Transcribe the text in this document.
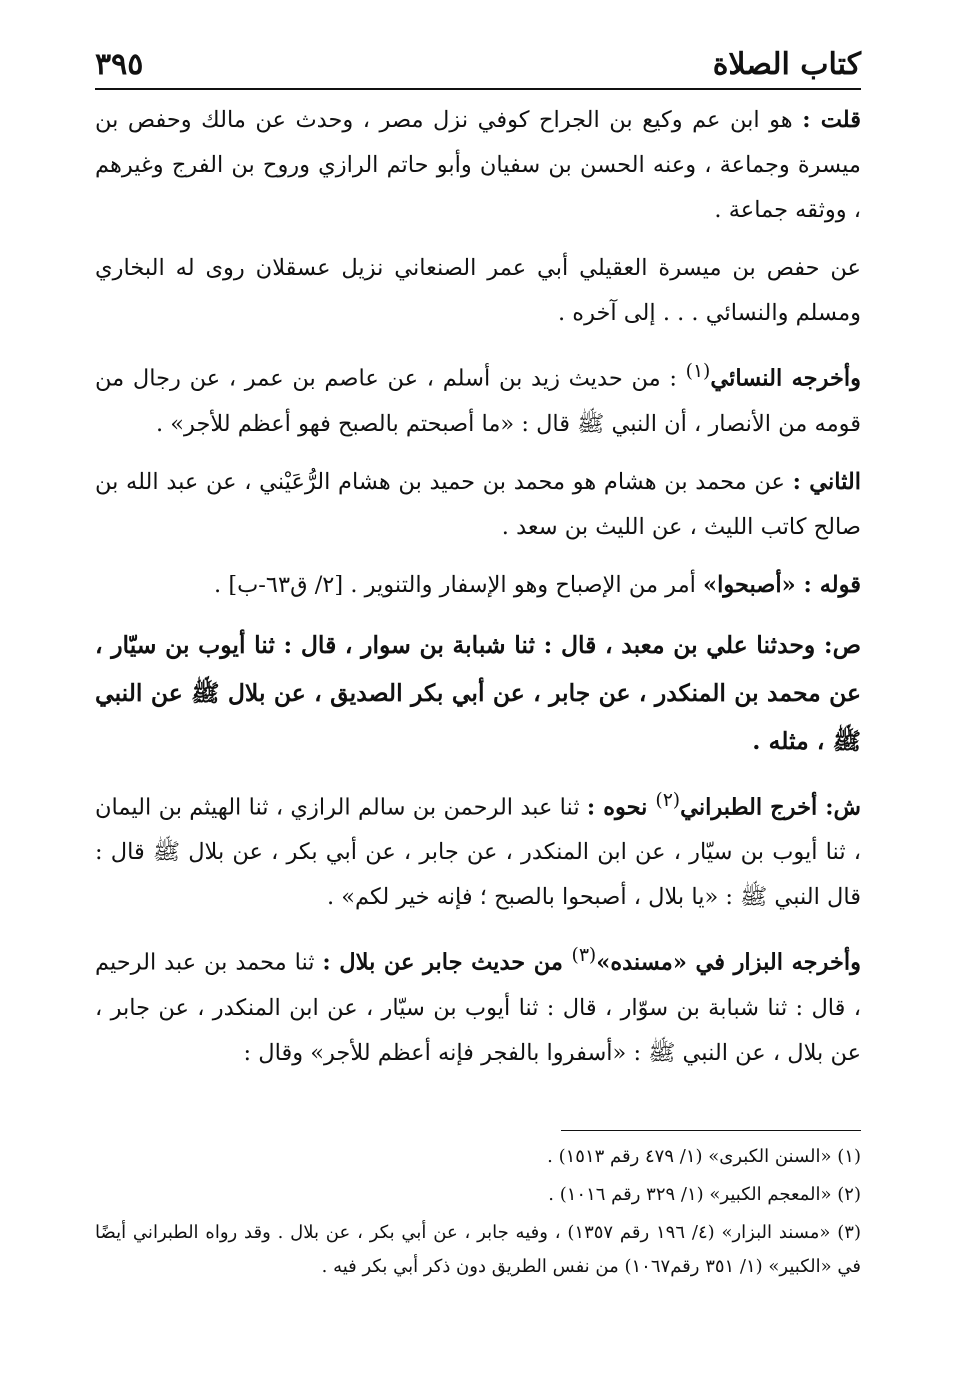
كتاب الصلاة
٣٩٥

قلت : هو ابن عم وكيع بن الجراح كوفي نزل مصر ، وحدث عن مالك وحفص بن ميسرة وجماعة ، وعنه الحسن بن سفيان وأبو حاتم الرازي وروح بن الفرج وغيرهم ، ووثقه جماعة .

عن حفص بن ميسرة العقيلي أبي عمر الصنعاني نزيل عسقلان روى له البخاري ومسلم والنسائي . . . إلى آخره .

وأخرجه النسائي$^{(١)}$ : من حديث زيد بن أسلم ، عن عاصم بن عمر ، عن رجال من قومه من الأنصار ، أن النبي ﷺ قال : «ما أصبحتم بالصبح فهو أعظم للأجر» .

الثاني : عن محمد بن هشام هو محمد بن حميد بن هشام الرُّعَيْني ، عن عبد الله بن صالح كاتب الليث ، عن الليث بن سعد .

قوله : «أصبحوا» أمر من الإصباح وهو الإسفار والتنوير . [٢/ ق٦٣-ب] .

ص: وحدثنا علي بن معبد ، قال : ثنا شبابة بن سوار ، قال : ثنا أيوب بن سيّار ، عن محمد بن المنكدر ، عن جابر ، عن أبي بكر الصديق ، عن بلال ﷺ عن النبي ﷺ ، مثله .

ش: أخرج الطبراني$^{(٢)}$ نحوه : ثنا عبد الرحمن بن سالم الرازي ، ثنا الهيثم بن اليمان ، ثنا أيوب بن سيّار ، عن ابن المنكدر ، عن جابر ، عن أبي بكر ، عن بلال ﷺ قال : قال النبي ﷺ : «يا بلال ، أصبحوا بالصبح ؛ فإنه خير لكم» .

وأخرجه البزار في «مسنده»$^{(٣)}$ من حديث جابر عن بلال : ثنا محمد بن عبد الرحيم ، قال : ثنا شبابة بن سوّار ، قال : ثنا أيوب بن سيّار ، عن ابن المنكدر ، عن جابر ، عن بلال ، عن النبي ﷺ : «أسفروا بالفجر فإنه أعظم للأجر» وقال :

(١) «السنن الكبرى» (١/ ٤٧٩ رقم ١٥١٣) .

(٢) «المعجم الكبير» (١/ ٣٢٩ رقم ١٠١٦) .

(٣) «مسند البزار» (٤/ ١٩٦ رقم ١٣٥٧) ، وفيه جابر ، عن أبي بكر ، عن بلال . وقد رواه الطبراني أيضًا في «الكبير» (١/ ٣٥١ رقم١٠٦٧) من نفس الطريق دون ذكر أبي بكر فيه .
